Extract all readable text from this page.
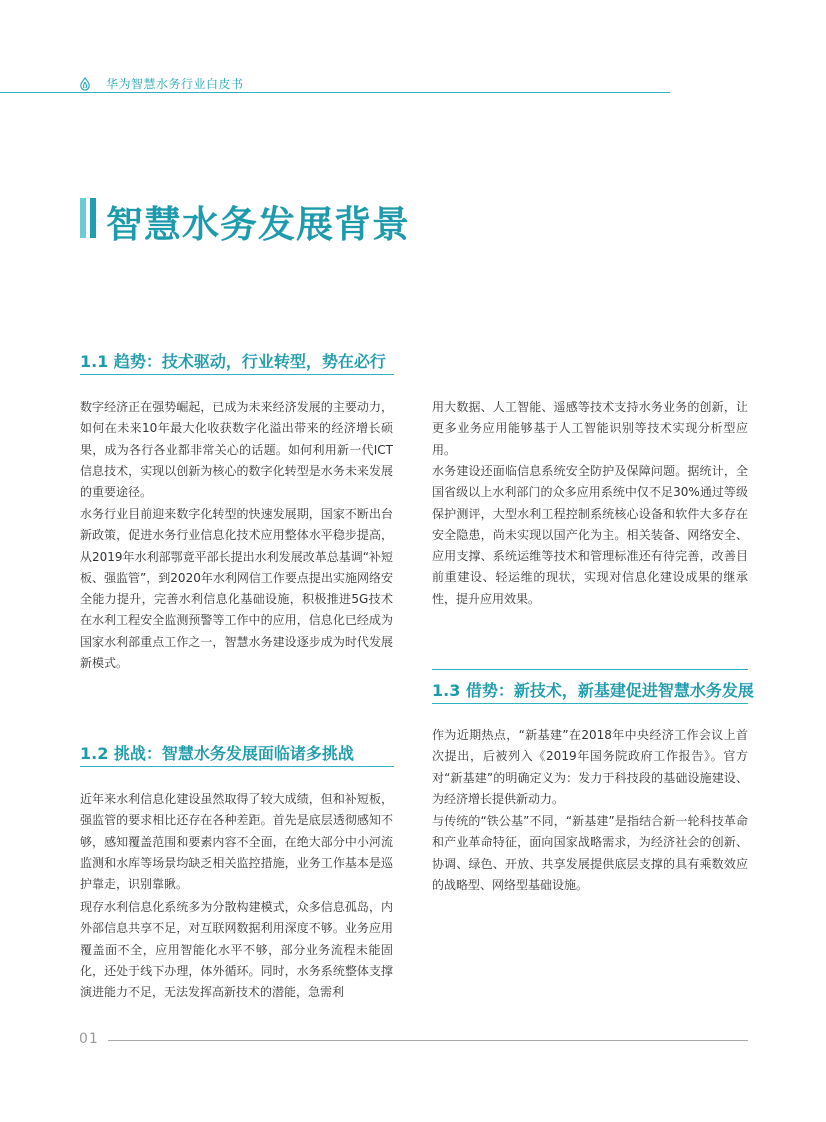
华为智慧水务行业白皮书
智慧水务发展背景
1.1 趋势：技术驱动，行业转型，势在必行

数字经济正在强势崛起，已成为未来经济发展的主要动力，如何在未来10年最大化收获数字化溢出带来的经济增长硕果，成为各行各业都非常关心的话题。如何利用新一代ICT信息技术，实现以创新为核心的数字化转型是水务未来发展的重要途径。

水务行业目前迎来数字化转型的快速发展期，国家不断出台新政策，促进水务行业信息化技术应用整体水平稳步提高，从2019年水利部鄂竟平部长提出水利发展改革总基调“补短板、强监管”，到2020年水利网信工作要点提出实施网络安全能力提升，完善水利信息化基础设施，积极推进5G技术在水利工程安全监测预警等工作中的应用，信息化已经成为国家水利部重点工作之一，智慧水务建设逐步成为时代发展新模式。

1.2 挑战：智慧水务发展面临诸多挑战

近年来水利信息化建设虽然取得了较大成绩，但和补短板，强监管的要求相比还存在各种差距。首先是底层透彻感知不够，感知覆盖范围和要素内容不全面，在绝大部分中小河流监测和水库等场景均缺乏相关监控措施，业务工作基本是巡护靠走，识别靠瞅。

现存水利信息化系统多为分散构建模式，众多信息孤岛，内外部信息共享不足，对互联网数据利用深度不够。业务应用覆盖面不全，应用智能化水平不够，部分业务流程未能固化，还处于线下办理，体外循环。同时，水务系统整体支撑演进能力不足，无法发挥高新技术的潜能，急需利

用大数据、人工智能、遥感等技术支持水务业务的创新，让更多业务应用能够基于人工智能识别等技术实现分析型应用。

水务建设还面临信息系统安全防护及保障问题。据统计，全国省级以上水利部门的众多应用系统中仅不足30%通过等级保护测评，大型水利工程控制系统核心设备和软件大多存在安全隐患，尚未实现以国产化为主。相关装备、网络安全、应用支撑、系统运维等技术和管理标准还有待完善，改善目前重建设、轻运维的现状，实现对信息化建设成果的继承性，提升应用效果。

1.3 借势：新技术，新基建促进智慧水务发展

作为近期热点，“新基建”在2018年中央经济工作会议上首次提出，后被列入《2019年国务院政府工作报告》。官方对“新基建”的明确定义为：发力于科技段的基础设施建设、为经济增长提供新动力。

与传统的“铁公基”不同，“新基建”是指结合新一轮科技革命和产业革命特征，面向国家战略需求，为经济社会的创新、协调、绿色、开放、共享发展提供底层支撑的具有乘数效应的战略型、网络型基础设施。

01
